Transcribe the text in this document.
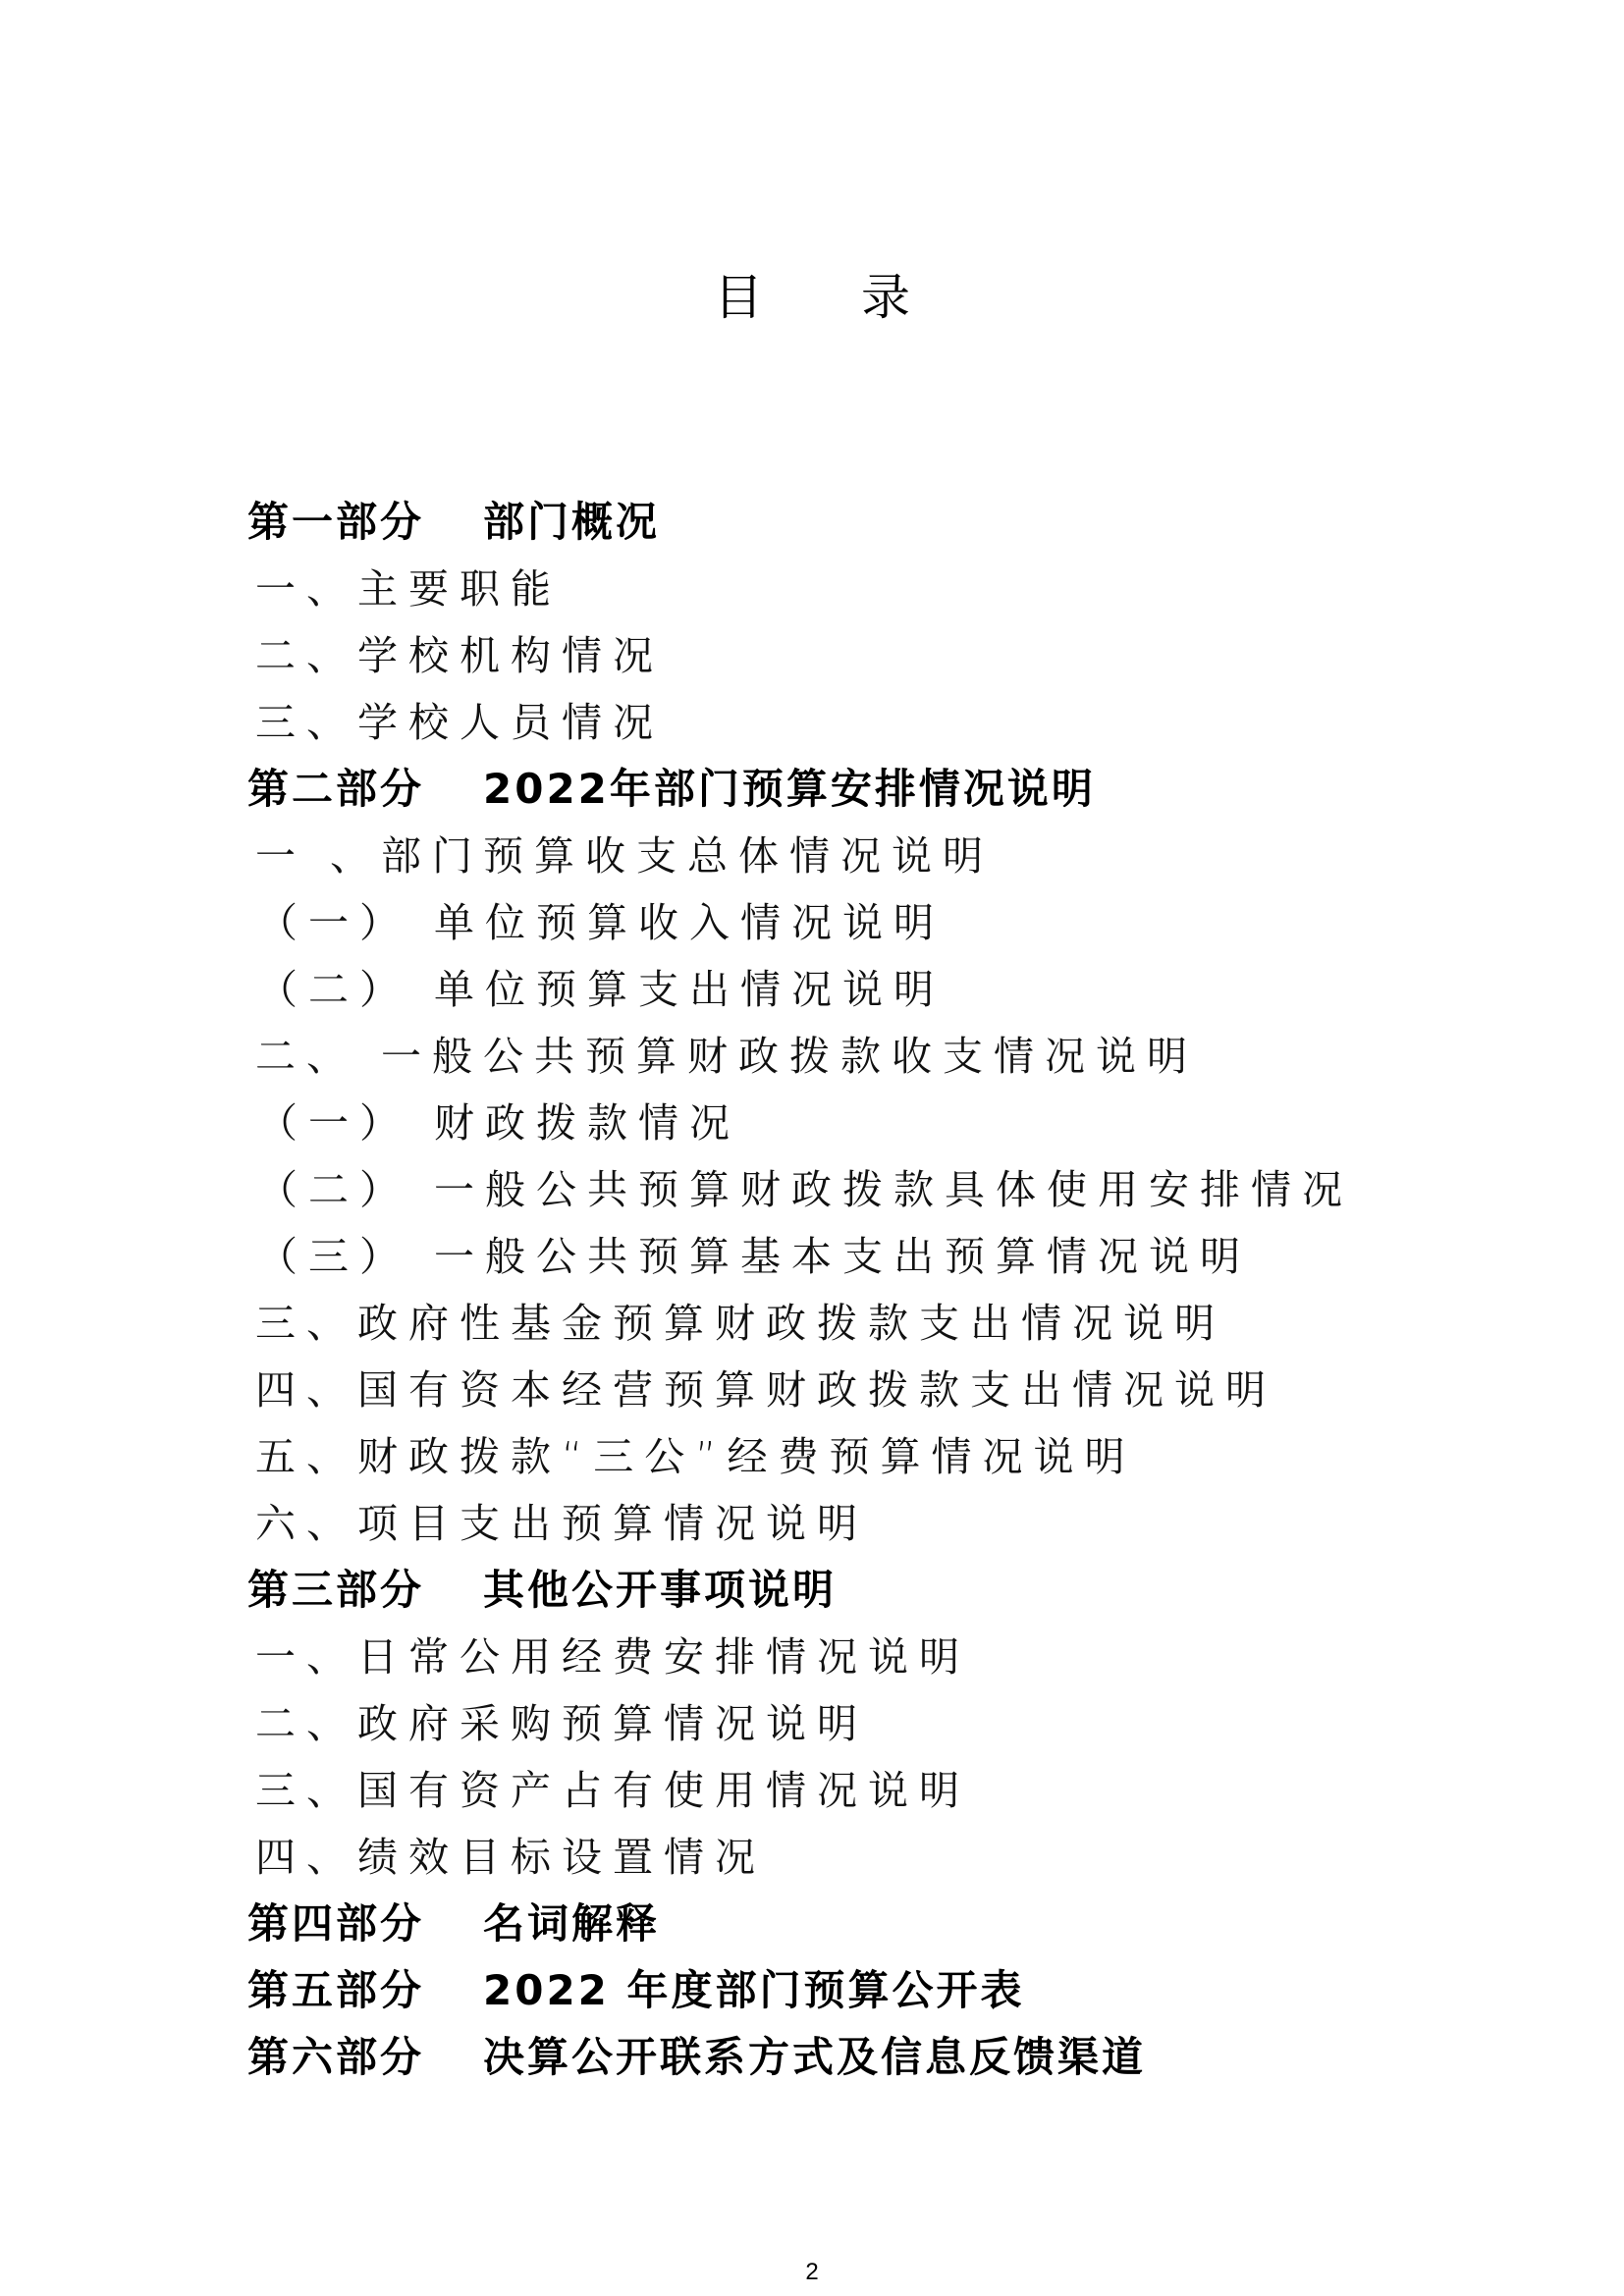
目 录
第一部分 部门概况
一、主要职能
二、学校机构情况
三、学校人员情况
第二部分 2022年部门预算安排情况说明
一 、部门预算收支总体情况说明
（一） 单位预算收入情况说明
（二） 单位预算支出情况说明
二、 一般公共预算财政拨款收支情况说明
（一） 财政拨款情况
（二） 一般公共预算财政拨款具体使用安排情况
（三） 一般公共预算基本支出预算情况说明
三、政府性基金预算财政拨款支出情况说明
四、国有资本经营预算财政拨款支出情况说明
五、财政拨款“三公”经费预算情况说明
六、项目支出预算情况说明
第三部分 其他公开事项说明
一、日常公用经费安排情况说明
二、政府采购预算情况说明
三、国有资产占有使用情况说明
四、绩效目标设置情况
第四部分 名词解释
第五部分 2022 年度部门预算公开表
第六部分 决算公开联系方式及信息反馈渠道
2
